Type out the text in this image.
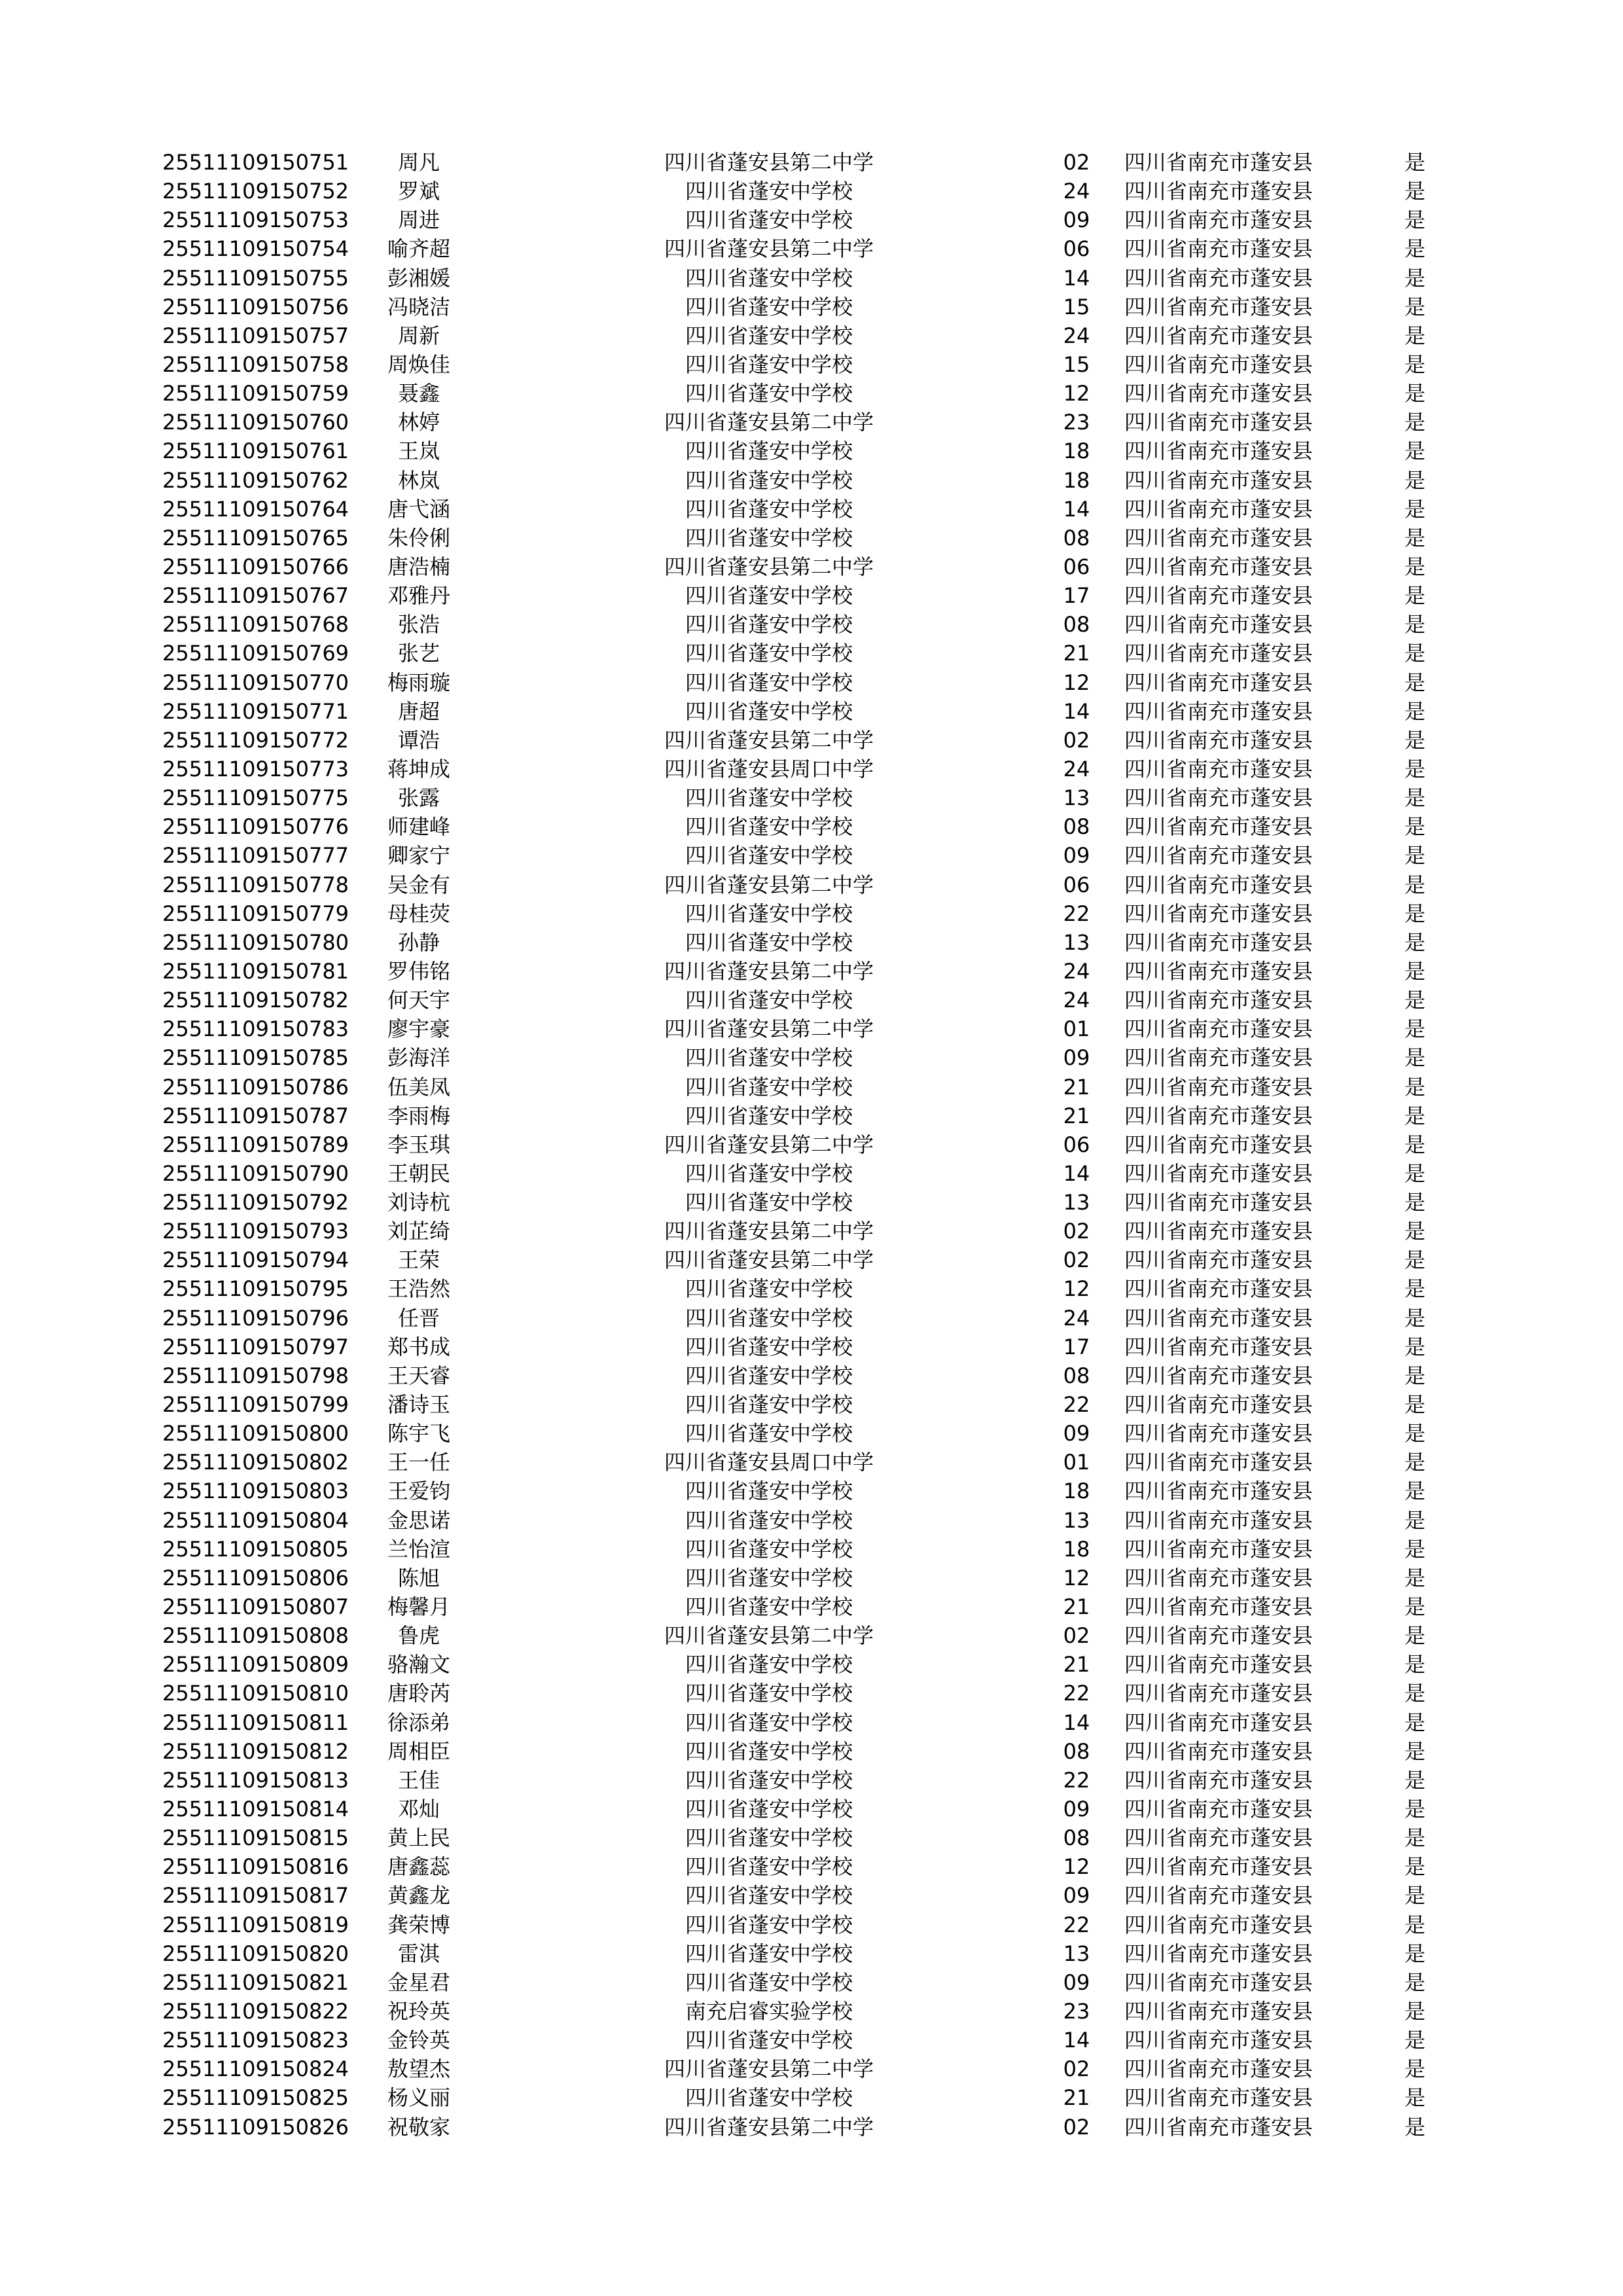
25511109150751	周凡	四川省蓬安县第二中学	02	四川省南充市蓬安县	是
25511109150752	罗斌	四川省蓬安中学校	24	四川省南充市蓬安县	是
25511109150753	周进	四川省蓬安中学校	09	四川省南充市蓬安县	是
25511109150754	喻齐超	四川省蓬安县第二中学	06	四川省南充市蓬安县	是
25511109150755	彭湘媛	四川省蓬安中学校	14	四川省南充市蓬安县	是
25511109150756	冯晓洁	四川省蓬安中学校	15	四川省南充市蓬安县	是
25511109150757	周新	四川省蓬安中学校	24	四川省南充市蓬安县	是
25511109150758	周焕佳	四川省蓬安中学校	15	四川省南充市蓬安县	是
25511109150759	聂鑫	四川省蓬安中学校	12	四川省南充市蓬安县	是
25511109150760	林婷	四川省蓬安县第二中学	23	四川省南充市蓬安县	是
25511109150761	王岚	四川省蓬安中学校	18	四川省南充市蓬安县	是
25511109150762	林岚	四川省蓬安中学校	18	四川省南充市蓬安县	是
25511109150764	唐弋涵	四川省蓬安中学校	14	四川省南充市蓬安县	是
25511109150765	朱伶俐	四川省蓬安中学校	08	四川省南充市蓬安县	是
25511109150766	唐浩楠	四川省蓬安县第二中学	06	四川省南充市蓬安县	是
25511109150767	邓雅丹	四川省蓬安中学校	17	四川省南充市蓬安县	是
25511109150768	张浩	四川省蓬安中学校	08	四川省南充市蓬安县	是
25511109150769	张艺	四川省蓬安中学校	21	四川省南充市蓬安县	是
25511109150770	梅雨璇	四川省蓬安中学校	12	四川省南充市蓬安县	是
25511109150771	唐超	四川省蓬安中学校	14	四川省南充市蓬安县	是
25511109150772	谭浩	四川省蓬安县第二中学	02	四川省南充市蓬安县	是
25511109150773	蒋坤成	四川省蓬安县周口中学	24	四川省南充市蓬安县	是
25511109150775	张露	四川省蓬安中学校	13	四川省南充市蓬安县	是
25511109150776	师建峰	四川省蓬安中学校	08	四川省南充市蓬安县	是
25511109150777	卿家宁	四川省蓬安中学校	09	四川省南充市蓬安县	是
25511109150778	吴金有	四川省蓬安县第二中学	06	四川省南充市蓬安县	是
25511109150779	母桂荧	四川省蓬安中学校	22	四川省南充市蓬安县	是
25511109150780	孙静	四川省蓬安中学校	13	四川省南充市蓬安县	是
25511109150781	罗伟铭	四川省蓬安县第二中学	24	四川省南充市蓬安县	是
25511109150782	何天宇	四川省蓬安中学校	24	四川省南充市蓬安县	是
25511109150783	廖宇豪	四川省蓬安县第二中学	01	四川省南充市蓬安县	是
25511109150785	彭海洋	四川省蓬安中学校	09	四川省南充市蓬安县	是
25511109150786	伍美凤	四川省蓬安中学校	21	四川省南充市蓬安县	是
25511109150787	李雨梅	四川省蓬安中学校	21	四川省南充市蓬安县	是
25511109150789	李玉琪	四川省蓬安县第二中学	06	四川省南充市蓬安县	是
25511109150790	王朝民	四川省蓬安中学校	14	四川省南充市蓬安县	是
25511109150792	刘诗杭	四川省蓬安中学校	13	四川省南充市蓬安县	是
25511109150793	刘芷绮	四川省蓬安县第二中学	02	四川省南充市蓬安县	是
25511109150794	王荣	四川省蓬安县第二中学	02	四川省南充市蓬安县	是
25511109150795	王浩然	四川省蓬安中学校	12	四川省南充市蓬安县	是
25511109150796	任晋	四川省蓬安中学校	24	四川省南充市蓬安县	是
25511109150797	郑书成	四川省蓬安中学校	17	四川省南充市蓬安县	是
25511109150798	王天睿	四川省蓬安中学校	08	四川省南充市蓬安县	是
25511109150799	潘诗玉	四川省蓬安中学校	22	四川省南充市蓬安县	是
25511109150800	陈宇飞	四川省蓬安中学校	09	四川省南充市蓬安县	是
25511109150802	王一任	四川省蓬安县周口中学	01	四川省南充市蓬安县	是
25511109150803	王爱钧	四川省蓬安中学校	18	四川省南充市蓬安县	是
25511109150804	金思诺	四川省蓬安中学校	13	四川省南充市蓬安县	是
25511109150805	兰怡渲	四川省蓬安中学校	18	四川省南充市蓬安县	是
25511109150806	陈旭	四川省蓬安中学校	12	四川省南充市蓬安县	是
25511109150807	梅馨月	四川省蓬安中学校	21	四川省南充市蓬安县	是
25511109150808	鲁虎	四川省蓬安县第二中学	02	四川省南充市蓬安县	是
25511109150809	骆瀚文	四川省蓬安中学校	21	四川省南充市蓬安县	是
25511109150810	唐聆芮	四川省蓬安中学校	22	四川省南充市蓬安县	是
25511109150811	徐添弟	四川省蓬安中学校	14	四川省南充市蓬安县	是
25511109150812	周相臣	四川省蓬安中学校	08	四川省南充市蓬安县	是
25511109150813	王佳	四川省蓬安中学校	22	四川省南充市蓬安县	是
25511109150814	邓灿	四川省蓬安中学校	09	四川省南充市蓬安县	是
25511109150815	黄上民	四川省蓬安中学校	08	四川省南充市蓬安县	是
25511109150816	唐鑫蕊	四川省蓬安中学校	12	四川省南充市蓬安县	是
25511109150817	黄鑫龙	四川省蓬安中学校	09	四川省南充市蓬安县	是
25511109150819	龚荣博	四川省蓬安中学校	22	四川省南充市蓬安县	是
25511109150820	雷淇	四川省蓬安中学校	13	四川省南充市蓬安县	是
25511109150821	金星君	四川省蓬安中学校	09	四川省南充市蓬安县	是
25511109150822	祝玲英	南充启睿实验学校	23	四川省南充市蓬安县	是
25511109150823	金铃英	四川省蓬安中学校	14	四川省南充市蓬安县	是
25511109150824	敖望杰	四川省蓬安县第二中学	02	四川省南充市蓬安县	是
25511109150825	杨义丽	四川省蓬安中学校	21	四川省南充市蓬安县	是
25511109150826	祝敬家	四川省蓬安县第二中学	02	四川省南充市蓬安县	是
